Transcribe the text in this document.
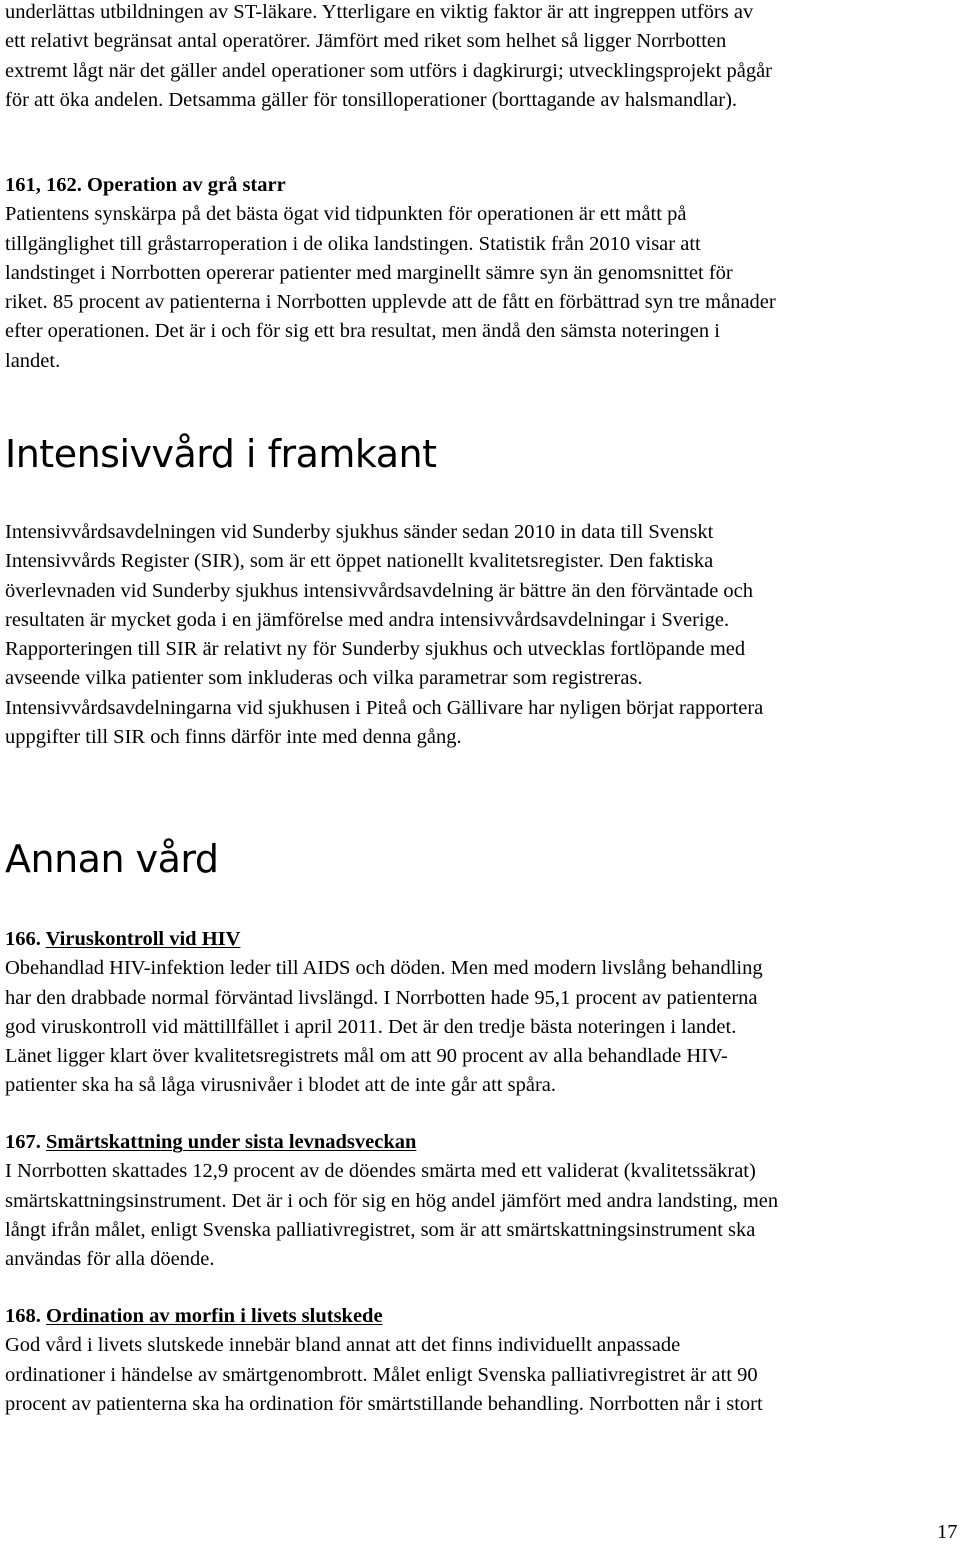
underlättas utbildningen av ST-läkare. Ytterligare en viktig faktor är att ingreppen utförs av
ett relativt begränsat antal operatörer. Jämfört med riket som helhet så ligger Norrbotten
extremt lågt när det gäller andel operationer som utförs i dagkirurgi; utvecklingsprojekt pågår
för att öka andelen. Detsamma gäller för tonsilloperationer (borttagande av halsmandlar).
161, 162. Operation av grå starr
Patientens synskärpa på det bästa ögat vid tidpunkten för operationen är ett mått på
tillgänglighet till gråstarroperation i de olika landstingen. Statistik från 2010 visar att
landstinget i Norrbotten opererar patienter med marginellt sämre syn än genomsnittet för
riket. 85 procent av patienterna i Norrbotten upplevde att de fått en förbättrad syn tre månader
efter operationen. Det är i och för sig ett bra resultat, men ändå den sämsta noteringen i
landet.
Intensivvård i framkant
Intensivvårdsavdelningen vid Sunderby sjukhus sänder sedan 2010 in data till Svenskt
Intensivvårds Register (SIR), som är ett öppet nationellt kvalitetsregister. Den faktiska
överlevnaden vid Sunderby sjukhus intensivvårdsavdelning är bättre än den förväntade och
resultaten är mycket goda i en jämförelse med andra intensivvårdsavdelningar i Sverige.
Rapporteringen till SIR är relativt ny för Sunderby sjukhus och utvecklas fortlöpande med
avseende vilka patienter som inkluderas och vilka parametrar som registreras.
Intensivvårdsavdelningarna vid sjukhusen i Piteå och Gällivare har nyligen börjat rapportera
uppgifter till SIR och finns därför inte med denna gång.
Annan vård
166. Viruskontroll vid HIV
Obehandlad HIV-infektion leder till AIDS och döden. Men med modern livslång behandling
har den drabbade normal förväntad livslängd. I Norrbotten hade 95,1 procent av patienterna
god viruskontroll vid mättillfället i april 2011. Det är den tredje bästa noteringen i landet.
Länet ligger klart över kvalitetsregistrets mål om att 90 procent av alla behandlade HIV-
patienter ska ha så låga virusnivåer i blodet att de inte går att spåra.
167. Smärtskattning under sista levnadsveckan
I Norrbotten skattades 12,9 procent av de döendes smärta med ett validerat (kvalitetssäkrat)
smärtskattningsinstrument. Det är i och för sig en hög andel jämfört med andra landsting, men
långt ifrån målet, enligt Svenska palliativregistret, som är att smärtskattningsinstrument ska
användas för alla döende.
168. Ordination av morfin i livets slutskede
God vård i livets slutskede innebär bland annat att det finns individuellt anpassade
ordinationer i händelse av smärtgenombrott. Målet enligt Svenska palliativregistret är att 90
procent av patienterna ska ha ordination för smärtstillande behandling. Norrbotten når i stort
17
